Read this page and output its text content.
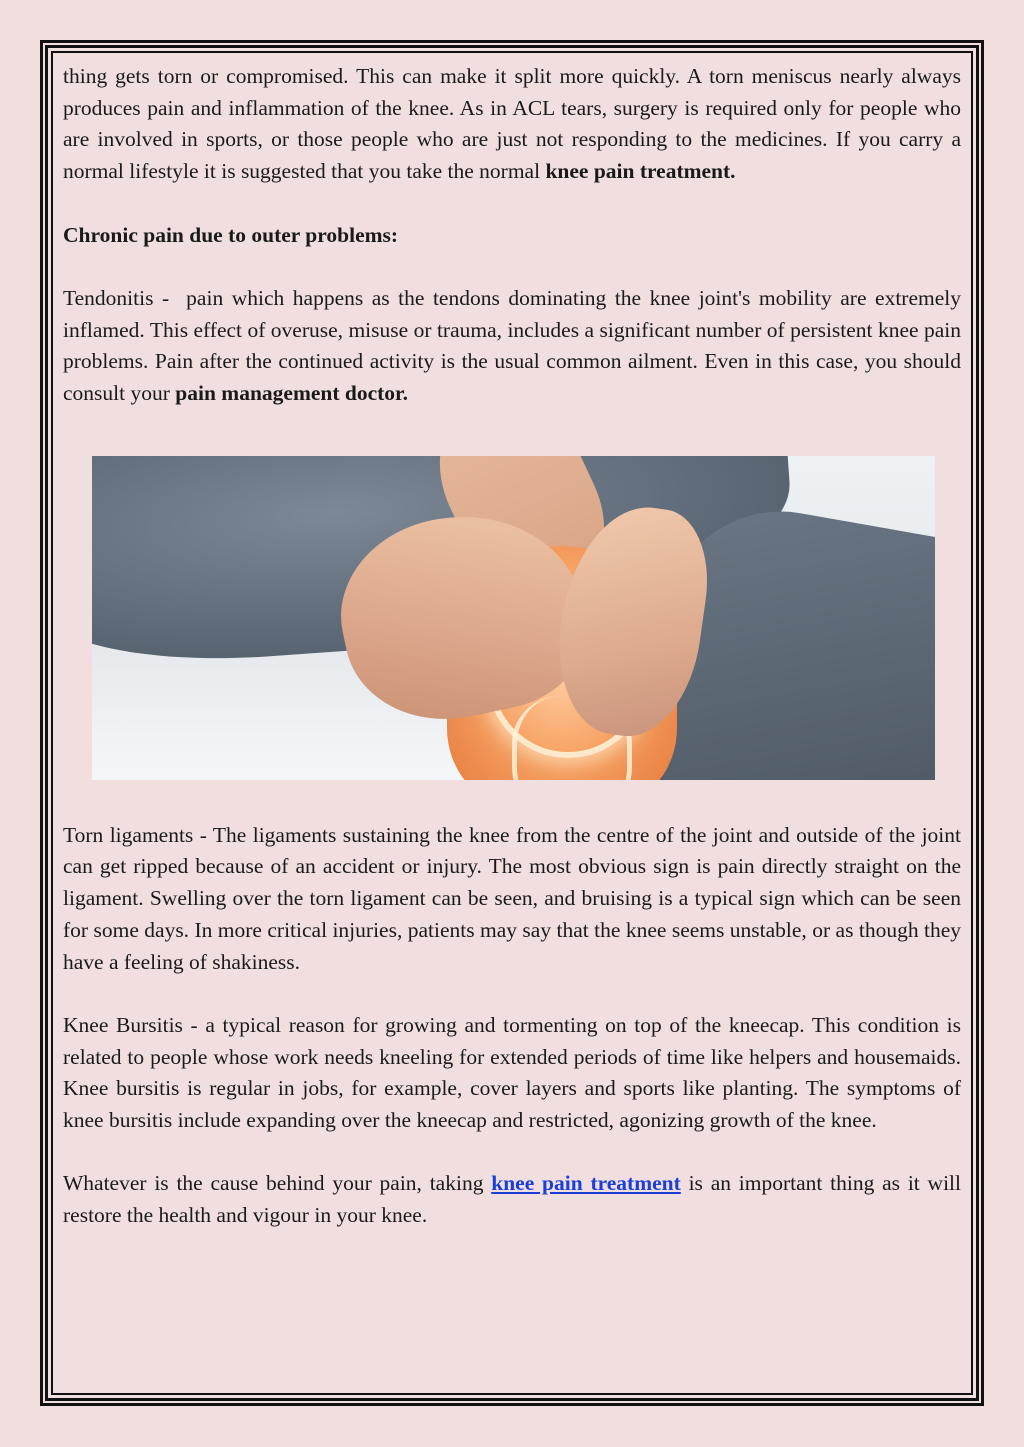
thing gets torn or compromised. This can make it split more quickly. A torn meniscus nearly always produces pain and inflammation of the knee. As in ACL tears, surgery is required only for people who are involved in sports, or those people who are just not responding to the medicines. If you carry a normal lifestyle it is suggested that you take the normal knee pain treatment.

Chronic pain due to outer problems:

Tendonitis -  pain which happens as the tendons dominating the knee joint's mobility are extremely inflamed. This effect of overuse, misuse or trauma, includes a significant number of persistent knee pain problems. Pain after the continued activity is the usual common ailment. Even in this case, you should consult your pain management doctor.

Torn ligaments - The ligaments sustaining the knee from the centre of the joint and outside of the joint can get ripped because of an accident or injury. The most obvious sign is pain directly straight on the ligament. Swelling over the torn ligament can be seen, and bruising is a typical sign which can be seen for some days. In more critical injuries, patients may say that the knee seems unstable, or as though they have a feeling of shakiness.

Knee Bursitis - a typical reason for growing and tormenting on top of the kneecap. This condition is related to people whose work needs kneeling for extended periods of time like helpers and housemaids. Knee bursitis is regular in jobs, for example, cover layers and sports like planting. The symptoms of knee bursitis include expanding over the kneecap and restricted, agonizing growth of the knee.

Whatever is the cause behind your pain, taking knee pain treatment is an important thing as it will restore the health and vigour in your knee.
